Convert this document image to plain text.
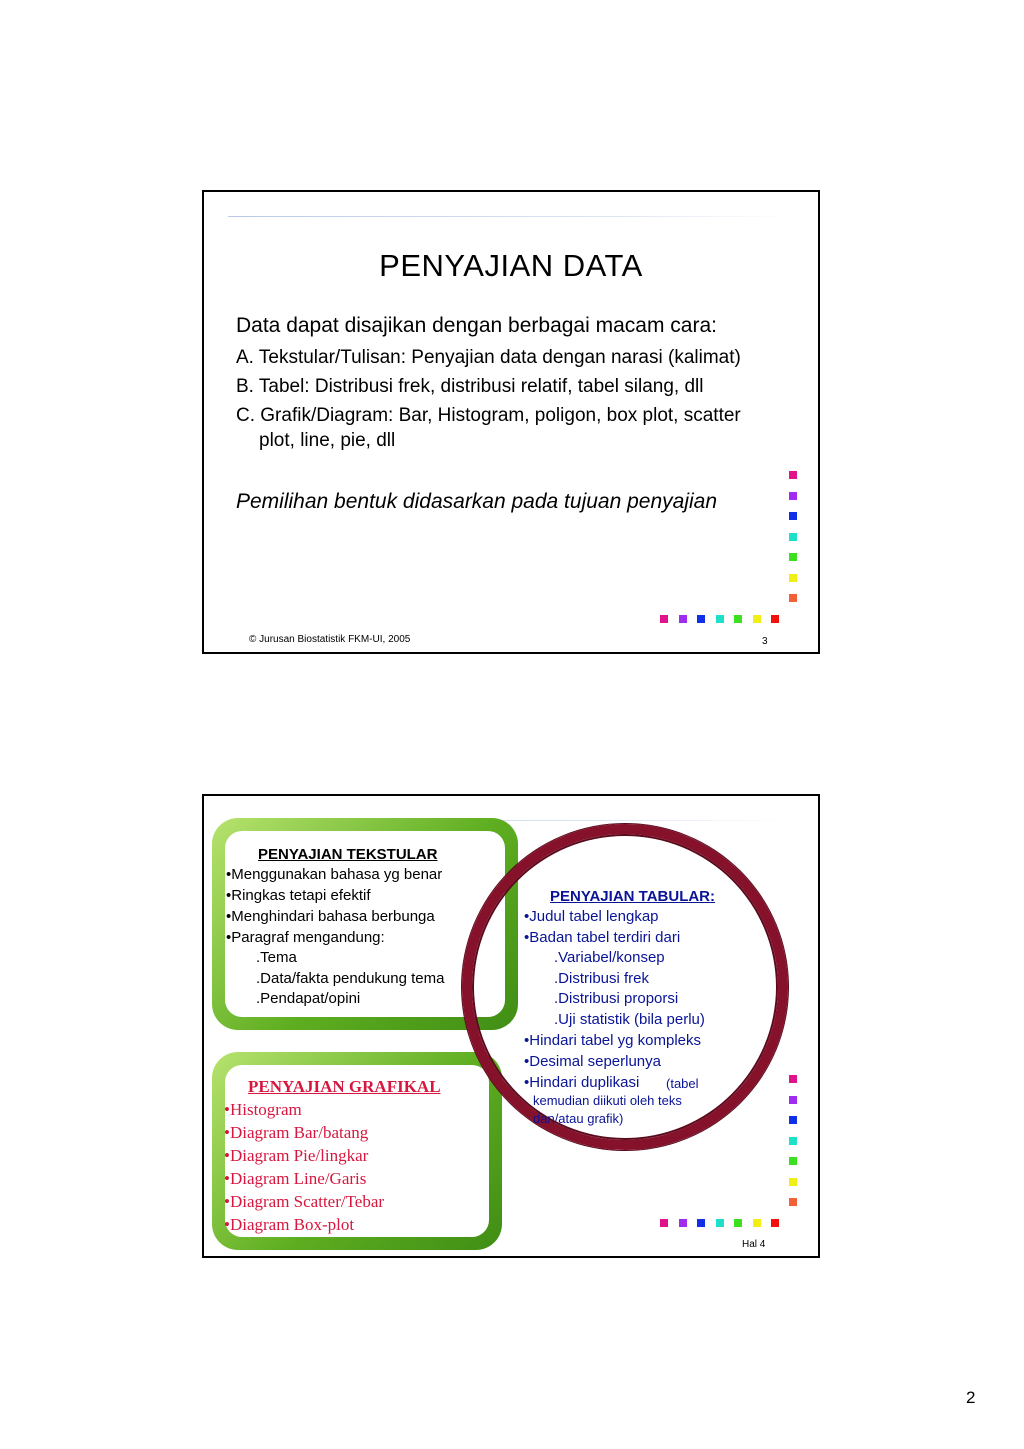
PENYAJIAN DATA
Data dapat disajikan dengan berbagai macam cara:
A. Tekstular/Tulisan: Penyajian data dengan narasi (kalimat)
B. Tabel: Distribusi frek, distribusi relatif, tabel silang, dll
C. Grafik/Diagram: Bar, Histogram, poligon, box plot, scatter
plot, line, pie, dll
Pemilihan bentuk didasarkan pada tujuan penyajian
© Jurusan Biostatistik FKM-UI, 2005	3
PENYAJIAN TEKSTULAR
•Menggunakan bahasa yg benar
•Ringkas tetapi efektif
•Menghindari bahasa berbunga
•Paragraf mengandung:
.Tema
.Data/fakta pendukung tema
.Pendapat/opini
PENYAJIAN TABULAR:
•Judul tabel lengkap
•Badan tabel terdiri dari
.Variabel/konsep
.Distribusi frek
.Distribusi proporsi
.Uji statistik (bila perlu)
•Hindari tabel yg kompleks
•Desimal seperlunya
•Hindari duplikasi (tabel
kemudian diikuti oleh teks
dan/atau grafik)
PENYAJIAN GRAFIKAL
•Histogram
•Diagram Bar/batang
•Diagram Pie/lingkar
•Diagram Line/Garis
•Diagram Scatter/Tebar
•Diagram Box-plot
Hal 4
2
